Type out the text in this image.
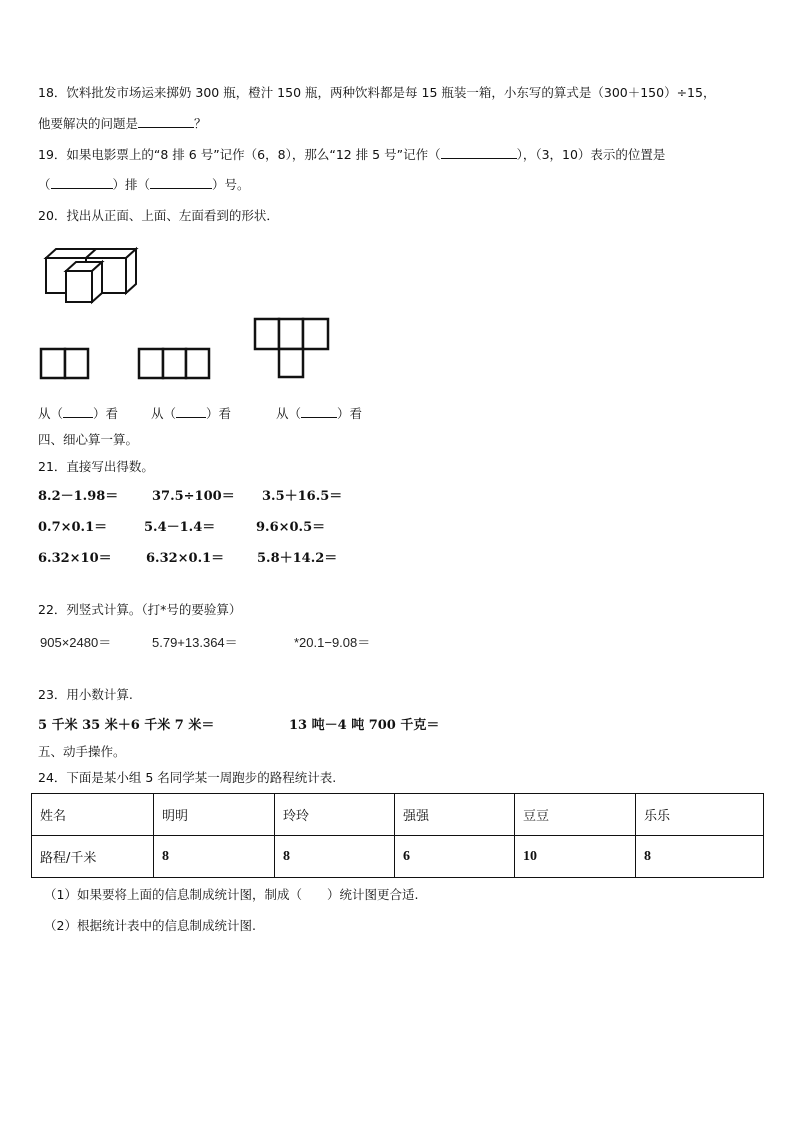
18．饮料批发市场运来掷奶 300 瓶，橙汁 150 瓶，两种饮料都是每 15 瓶装一箱，小东写的算式是（300＋150）÷15，
他要解决的问题是	？
19．如果电影票上的“8 排 6 号”记作（6，8），那么“12 排 5 号”记作（	），（3，10）表示的位置是
（	）排（	）号。
20．找出从正面、上面、左面看到的形状．
从（ ）看	从（ ）看	从（	）看
四、细心算一算。
21．直接写出得数。
8.2－1.98＝	37.5÷100＝ 3.5＋16.5＝
0.7×0.1＝	5.4－1.4＝	9.6×0.5＝
6.32×10＝	6.32×0.1＝	5.8＋14.2＝
22．列竖式计算。（打*号的要验算）
905×2480＝	5.79+13.364＝	*20.1−9.08＝
23．用小数计算.
5 千米 35 米＋6 千米 7 米＝	13 吨－4 吨 700 千克＝
五、动手操作。
24．下面是某小组 5 名同学某一周跑步的路程统计表.
姓名	明明	玲玲	强强	豆豆	乐乐
路程/千米	8	8	6	10	8
（1）如果要将上面的信息制成统计图，制成（　　）统计图更合适.
（2）根据统计表中的信息制成统计图.
